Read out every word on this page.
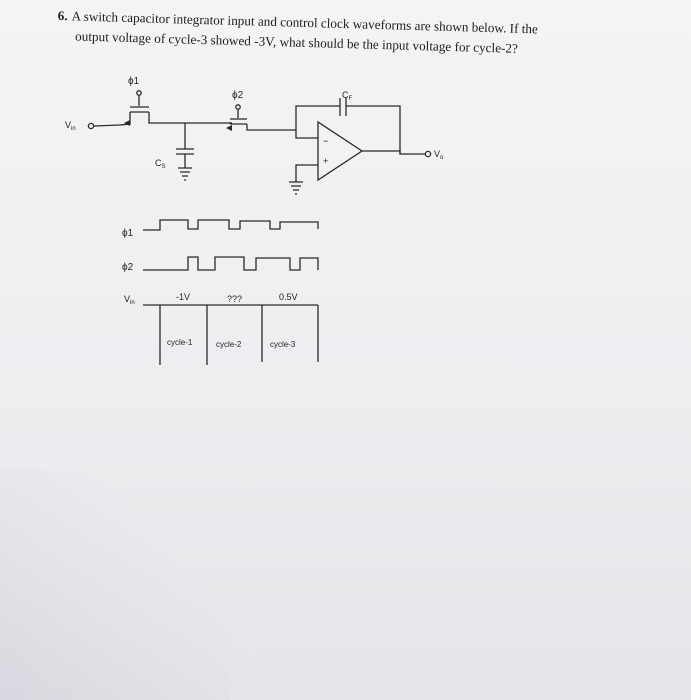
6. A switch capacitor integrator input and control clock waveforms are shown below. If the

output voltage of cycle-3 showed -3V, what should be the input voltage for cycle-2?

$V_{in}$
ϕ1
$C_S$
ϕ2	$C_F$
−
+
$V_o$
ϕ1
ϕ2
$V_{in}$
-1V	???	0.5V
cycle-1	cycle-2	cycle-3
